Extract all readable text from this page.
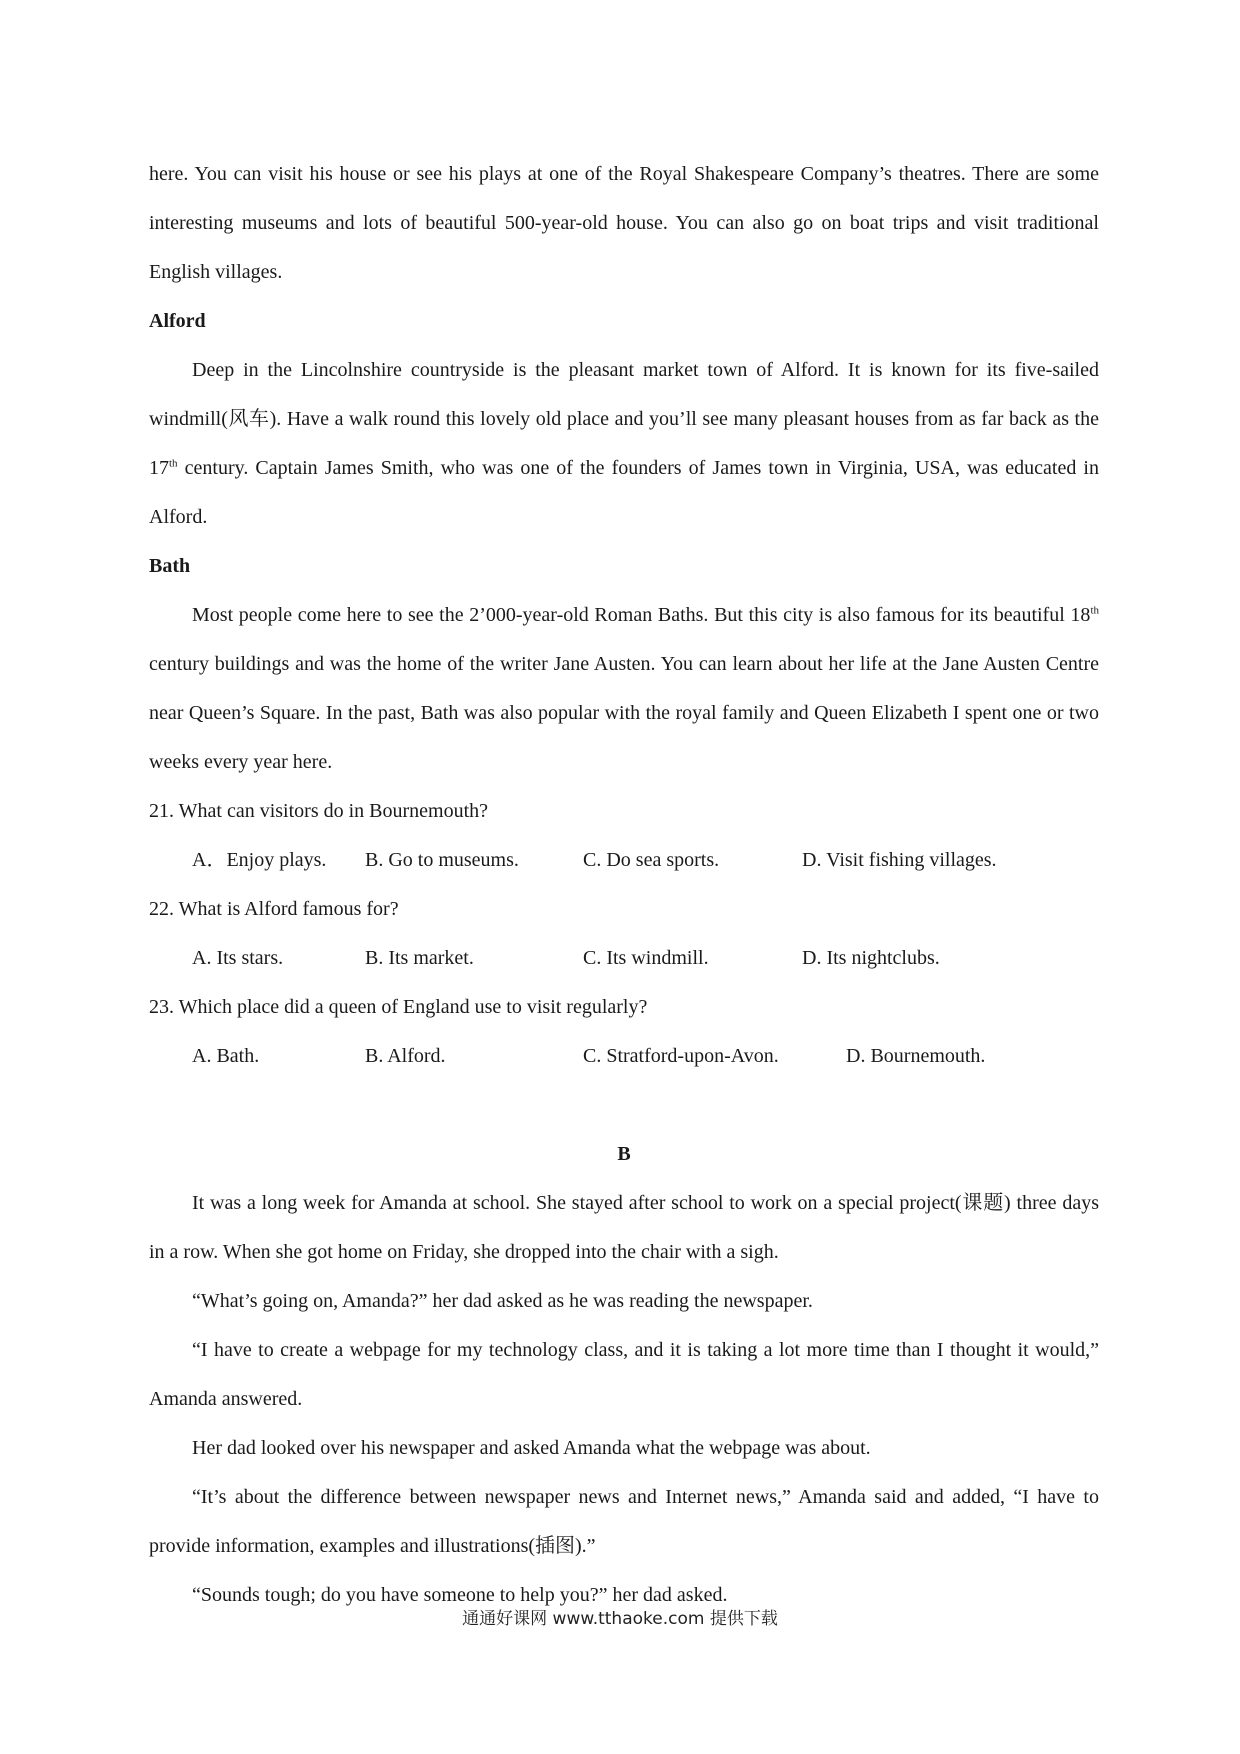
here. You can visit his house or see his plays at one of the Royal Shakespeare Company’s theatres. There are some interesting museums and lots of beautiful 500-year-old house. You can also go on boat trips and visit traditional English villages.

Alford

Deep in the Lincolnshire countryside is the pleasant market town of Alford. It is known for its five-sailed windmill(风车). Have a walk round this lovely old place and you’ll see many pleasant houses from as far back as the 17th century. Captain James Smith, who was one of the founders of James town in Virginia, USA, was educated in Alford.

Bath

Most people come here to see the 2’000-year-old Roman Baths. But this city is also famous for its beautiful 18th century buildings and was the home of the writer Jane Austen. You can learn about her life at the Jane Austen Centre near Queen’s Square. In the past, Bath was also popular with the royal family and Queen Elizabeth I spent one or two weeks every year here.

21. What can visitors do in Bournemouth?

A．Enjoy plays. B. Go to museums.	C. Do sea sports.	D. Visit fishing villages.

22. What is Alford famous for?

A. Its stars.	B. Its market.	C. Its windmill.	D. Its nightclubs.

23. Which place did a queen of England use to visit regularly?

A. Bath.	B. Alford.	C. Stratford-upon-Avon.	D. Bournemouth.

B

It was a long week for Amanda at school. She stayed after school to work on a special project(课题) three days in a row. When she got home on Friday, she dropped into the chair with a sigh.

“What’s going on, Amanda?” her dad asked as he was reading the newspaper.

“I have to create a webpage for my technology class, and it is taking a lot more time than I thought it would,” Amanda answered.

Her dad looked over his newspaper and asked Amanda what the webpage was about.

“It’s about the difference between newspaper news and Internet news,” Amanda said and added, “I have to provide information, examples and illustrations(插图).”

“Sounds tough; do you have someone to help you?” her dad asked.

通通好课网 www.tthaoke.com 提供下载
